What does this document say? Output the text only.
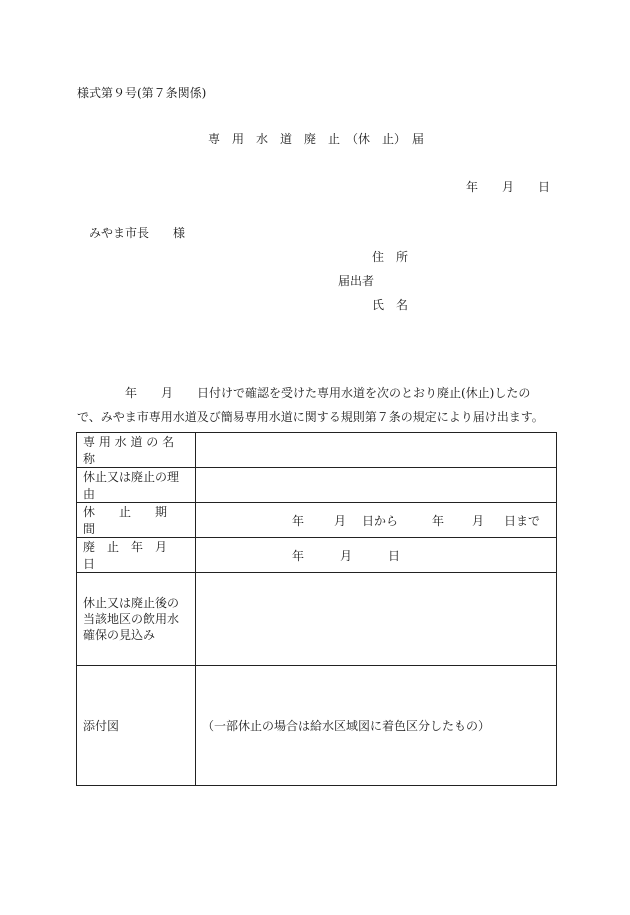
様式第９号(第７条関係)
専　用　水　道　廃　止　（休　止）　届
年 月 日
みやま市長　　様
住　所
届出者
氏　名
　　　　年　　月　　日付けで確認を受けた専用水道を次のとおり廃止(休止)したの
で、みやま市専用水道及び簡易専用水道に関する規則第７条の規定により届け出ます。
専 用 水 道 の 名 称	
休止又は廃止の理由	
休　　止　　期　　間	年 月 日から 年 月 日まで
廃　止　年　月　日	年 月 日
休止又は廃止後の当該地区の飲用水確保の見込み	
添付図	（一部休止の場合は給水区域図に着色区分したもの）
